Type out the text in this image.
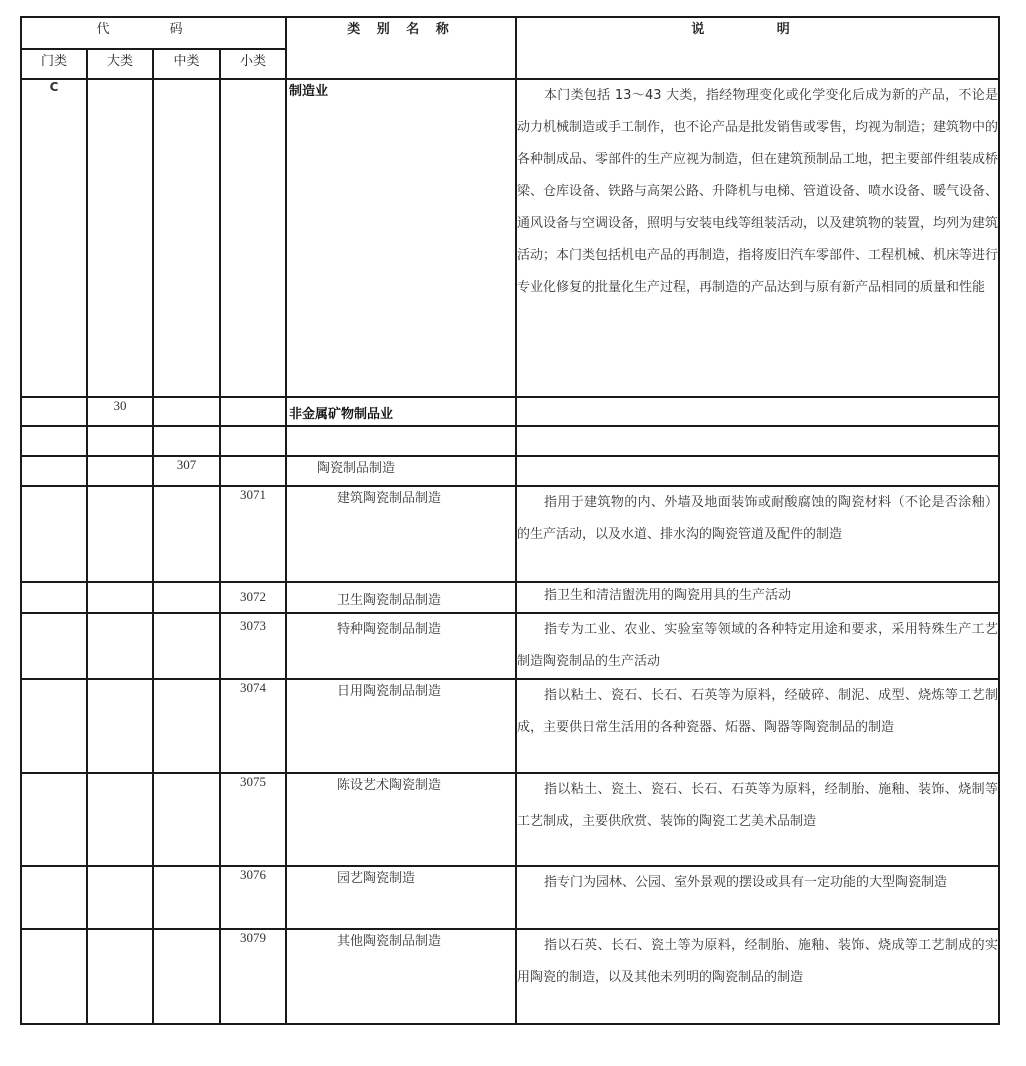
代 码				类 别 名 称	说 明
门类	大类	中类	小类		
C				制造业	本门类包括 13～43 大类，指经物理变化或化学变化后成为新的产品，不论是动力机械制造或手工制作，也不论产品是批发销售或零售，均视为制造；建筑物中的各种制成品、零部件的生产应视为制造，但在建筑预制品工地，把主要部件组装成桥梁、仓库设备、铁路与高架公路、升降机与电梯、管道设备、喷水设备、暖气设备、通风设备与空调设备，照明与安装电线等组装活动，以及建筑物的装置，均列为建筑活动；本门类包括机电产品的再制造，指将废旧汽车零部件、工程机械、机床等进行专业化修复的批量化生产过程，再制造的产品达到与原有新产品相同的质量和性能
	30			非金属矿物制品业	

		307		陶瓷制品制造	
			3071	建筑陶瓷制品制造	指用于建筑物的内、外墙及地面装饰或耐酸腐蚀的陶瓷材料（不论是否涂釉）的生产活动，以及水道、排水沟的陶瓷管道及配件的制造
			3072	卫生陶瓷制品制造	指卫生和清洁盥洗用的陶瓷用具的生产活动
			3073	特种陶瓷制品制造	指专为工业、农业、实验室等领域的各种特定用途和要求，采用特殊生产工艺制造陶瓷制品的生产活动
			3074	日用陶瓷制品制造	指以粘土、瓷石、长石、石英等为原料，经破碎、制泥、成型、烧炼等工艺制成，主要供日常生活用的各种瓷器、炻器、陶器等陶瓷制品的制造
			3075	陈设艺术陶瓷制造	指以粘土、瓷土、瓷石、长石、石英等为原料，经制胎、施釉、装饰、烧制等工艺制成，主要供欣赏、装饰的陶瓷工艺美术品制造
			3076	园艺陶瓷制造	指专门为园林、公园、室外景观的摆设或具有一定功能的大型陶瓷制造
			3079	其他陶瓷制品制造	指以石英、长石、瓷土等为原料，经制胎、施釉、装饰、烧成等工艺制成的实用陶瓷的制造，以及其他未列明的陶瓷制品的制造
